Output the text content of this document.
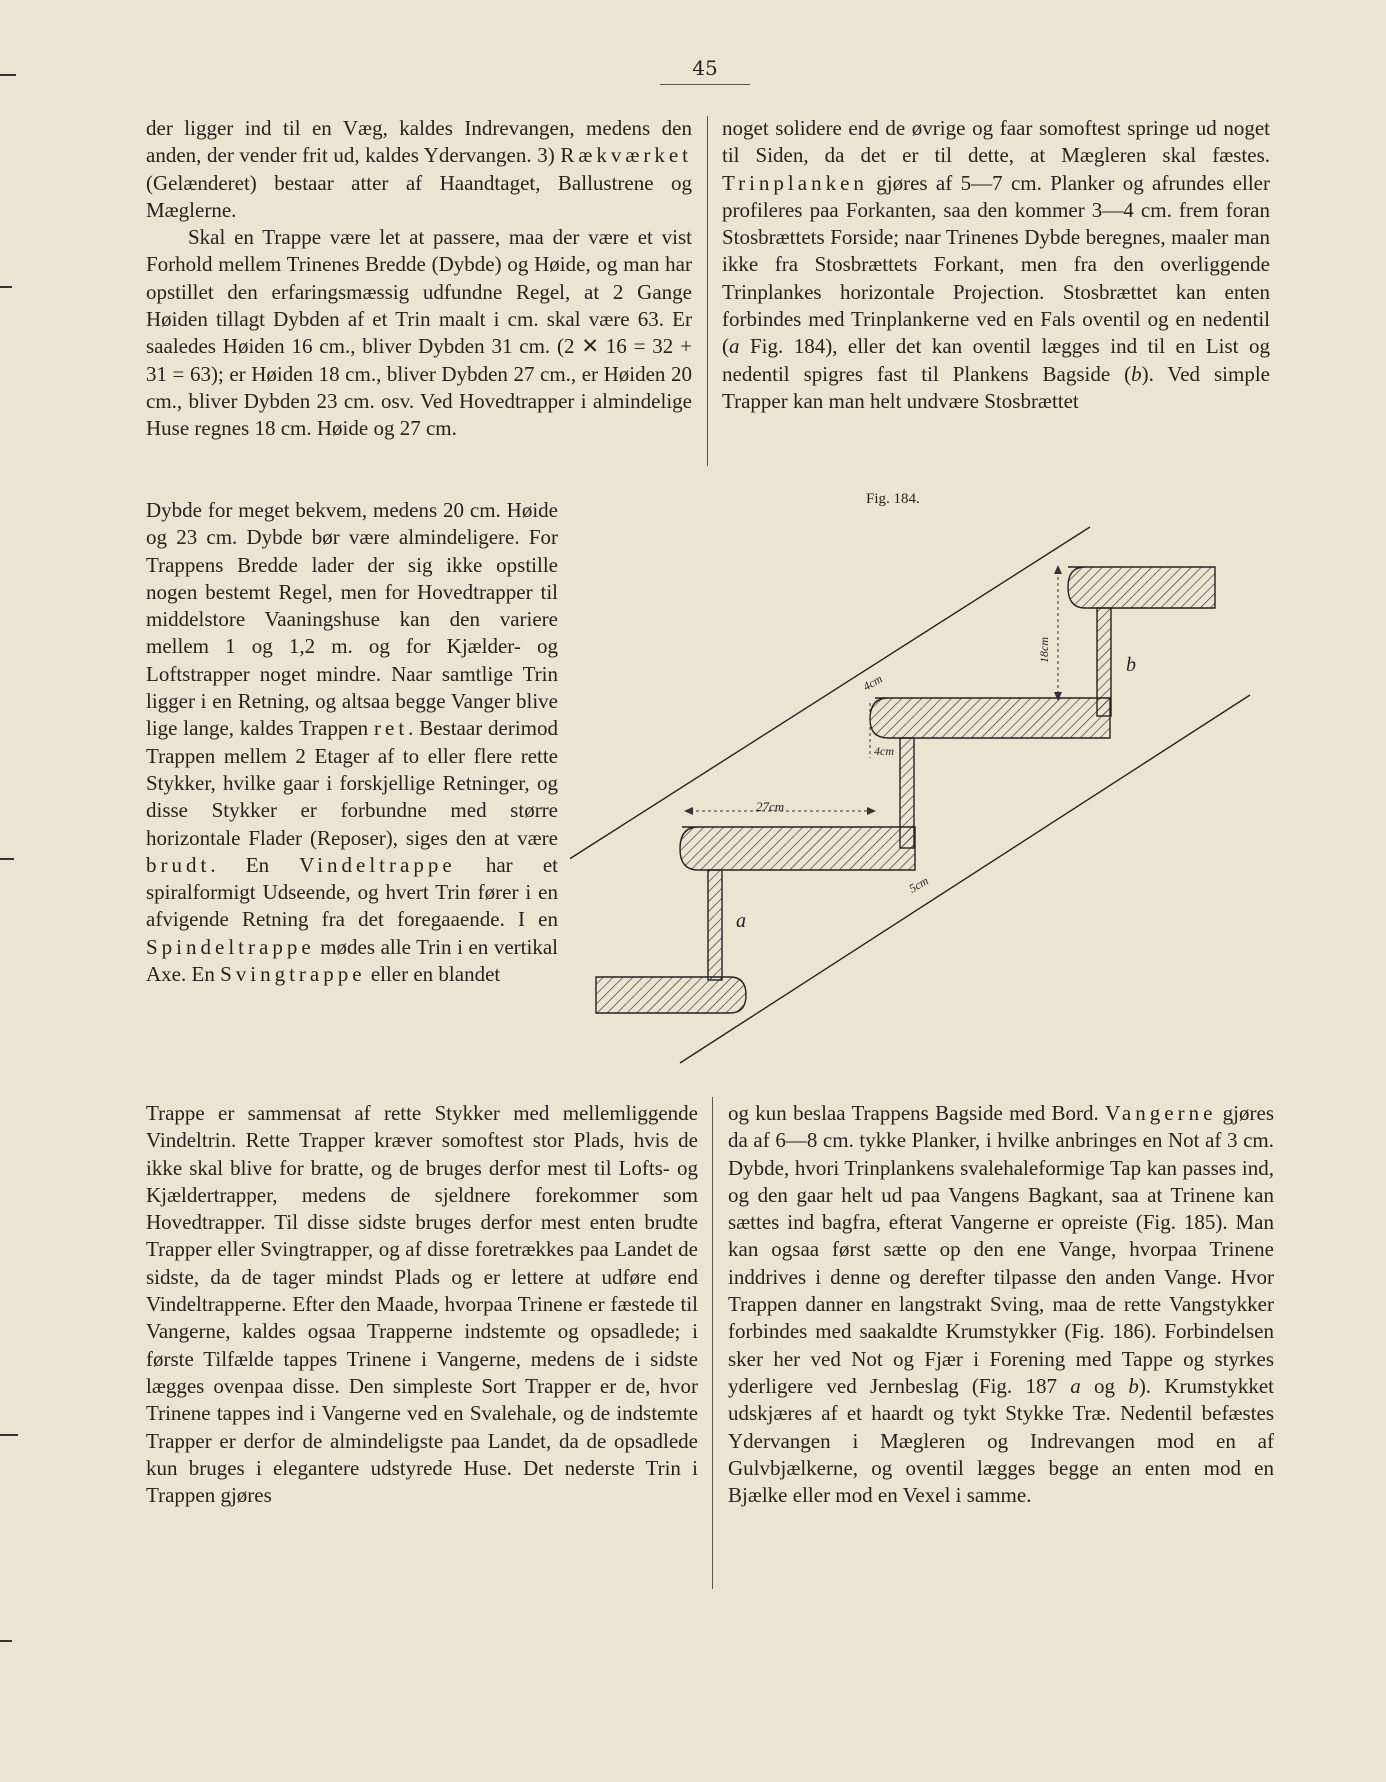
45

der ligger ind til en Væg, kaldes Indrevangen, medens den anden, der vender frit ud, kaldes Ydervangen. 3) Rækværket (Gelænderet) bestaar atter af Haandtaget, Ballustrene og Mæglerne.

Skal en Trappe være let at passere, maa der være et vist Forhold mellem Trinenes Bredde (Dybde) og Høide, og man har opstillet den erfaringsmæssig udfundne Regel, at 2 Gange Høiden tillagt Dybden af et Trin maalt i cm. skal være 63. Er saaledes Høiden 16 cm., bliver Dybden 31 cm. (2 ✕ 16 = 32 + 31 = 63); er Høiden 18 cm., bliver Dybden 27 cm., er Høiden 20 cm., bliver Dybden 23 cm. osv. Ved Hovedtrapper i almindelige Huse regnes 18 cm. Høide og 27 cm.

Dybde for meget bekvem, medens 20 cm. Høide og 23 cm. Dybde bør være almindeligere. For Trappens Bredde lader der sig ikke opstille nogen bestemt Regel, men for Hovedtrapper til middelstore Vaaningshuse kan den variere mellem 1 og 1,2 m. og for Kjælder- og Loftstrapper noget mindre. Naar samtlige Trin ligger i en Retning, og altsaa begge Vanger blive lige lange, kaldes Trappen ret. Bestaar derimod Trappen mellem 2 Etager af to eller flere rette Stykker, hvilke gaar i forskjellige Retninger, og disse Stykker er forbundne med større horizontale Flader (Reposer), siges den at være brudt. En Vindeltrappe har et spiralformigt Udseende, og hvert Trin fører i en afvigende Retning fra det foregaaende. I en Spindeltrappe mødes alle Trin i en vertikal Axe. En Svingtrappe eller en blandet

Trappe er sammensat af rette Stykker med mellemliggende Vindeltrin. Rette Trapper kræver somoftest stor Plads, hvis de ikke skal blive for bratte, og de bruges derfor mest til Lofts- og Kjældertrapper, medens de sjeldnere forekommer som Hovedtrapper. Til disse sidste bruges derfor mest enten brudte Trapper eller Svingtrapper, og af disse foretrækkes paa Landet de sidste, da de tager mindst Plads og er lettere at udføre end Vindeltrapperne. Efter den Maade, hvorpaa Trinene er fæstede til Vangerne, kaldes ogsaa Trapperne indstemte og opsadlede; i første Tilfælde tappes Trinene i Vangerne, medens de i sidste lægges ovenpaa disse. Den simpleste Sort Trapper er de, hvor Trinene tappes ind i Vangerne ved en Svalehale, og de indstemte Trapper er derfor de almindeligste paa Landet, da de opsadlede kun bruges i elegantere udstyrede Huse. Det nederste Trin i Trappen gjøres

noget solidere end de øvrige og faar somoftest springe ud noget til Siden, da det er til dette, at Mægleren skal fæstes. Trinplanken gjøres af 5—7 cm. Planker og afrundes eller profileres paa Forkanten, saa den kommer 3—4 cm. frem foran Stosbrættets Forside; naar Trinenes Dybde beregnes, maaler man ikke fra Stosbrættets Forkant, men fra den overliggende Trinplankes horizontale Projection. Stosbrættet kan enten forbindes med Trinplankerne ved en Fals oventil og en nedentil (a Fig. 184), eller det kan oventil lægges ind til en List og nedentil spigres fast til Plankens Bagside (b). Ved simple Trapper kan man helt undvære Stosbrættet

og kun beslaa Trappens Bagside med Bord. Vangerne gjøres da af 6—8 cm. tykke Planker, i hvilke anbringes en Not af 3 cm. Dybde, hvori Trinplankens svalehaleformige Tap kan passes ind, og den gaar helt ud paa Vangens Bagkant, saa at Trinene kan sættes ind bagfra, efterat Vangerne er opreiste (Fig. 185). Man kan ogsaa først sætte op den ene Vange, hvorpaa Trinene inddrives i denne og derefter tilpasse den anden Vange. Hvor Trappen danner en langstrakt Sving, maa de rette Vangstykker forbindes med saakaldte Krumstykker (Fig. 186). Forbindelsen sker her ved Not og Fjær i Forening med Tappe og styrkes yderligere ved Jernbeslag (Fig. 187 a og b). Krumstykket udskjæres af et haardt og tykt Stykke Træ. Nedentil befæstes Ydervangen i Mægleren og Indrevangen mod en af Gulvbjælkerne, og oventil lægges begge an enten mod en Bjælke eller mod en Vexel i samme.

Fig. 184.
b
a
18cm
4cm
4cm
27cm
5cm
